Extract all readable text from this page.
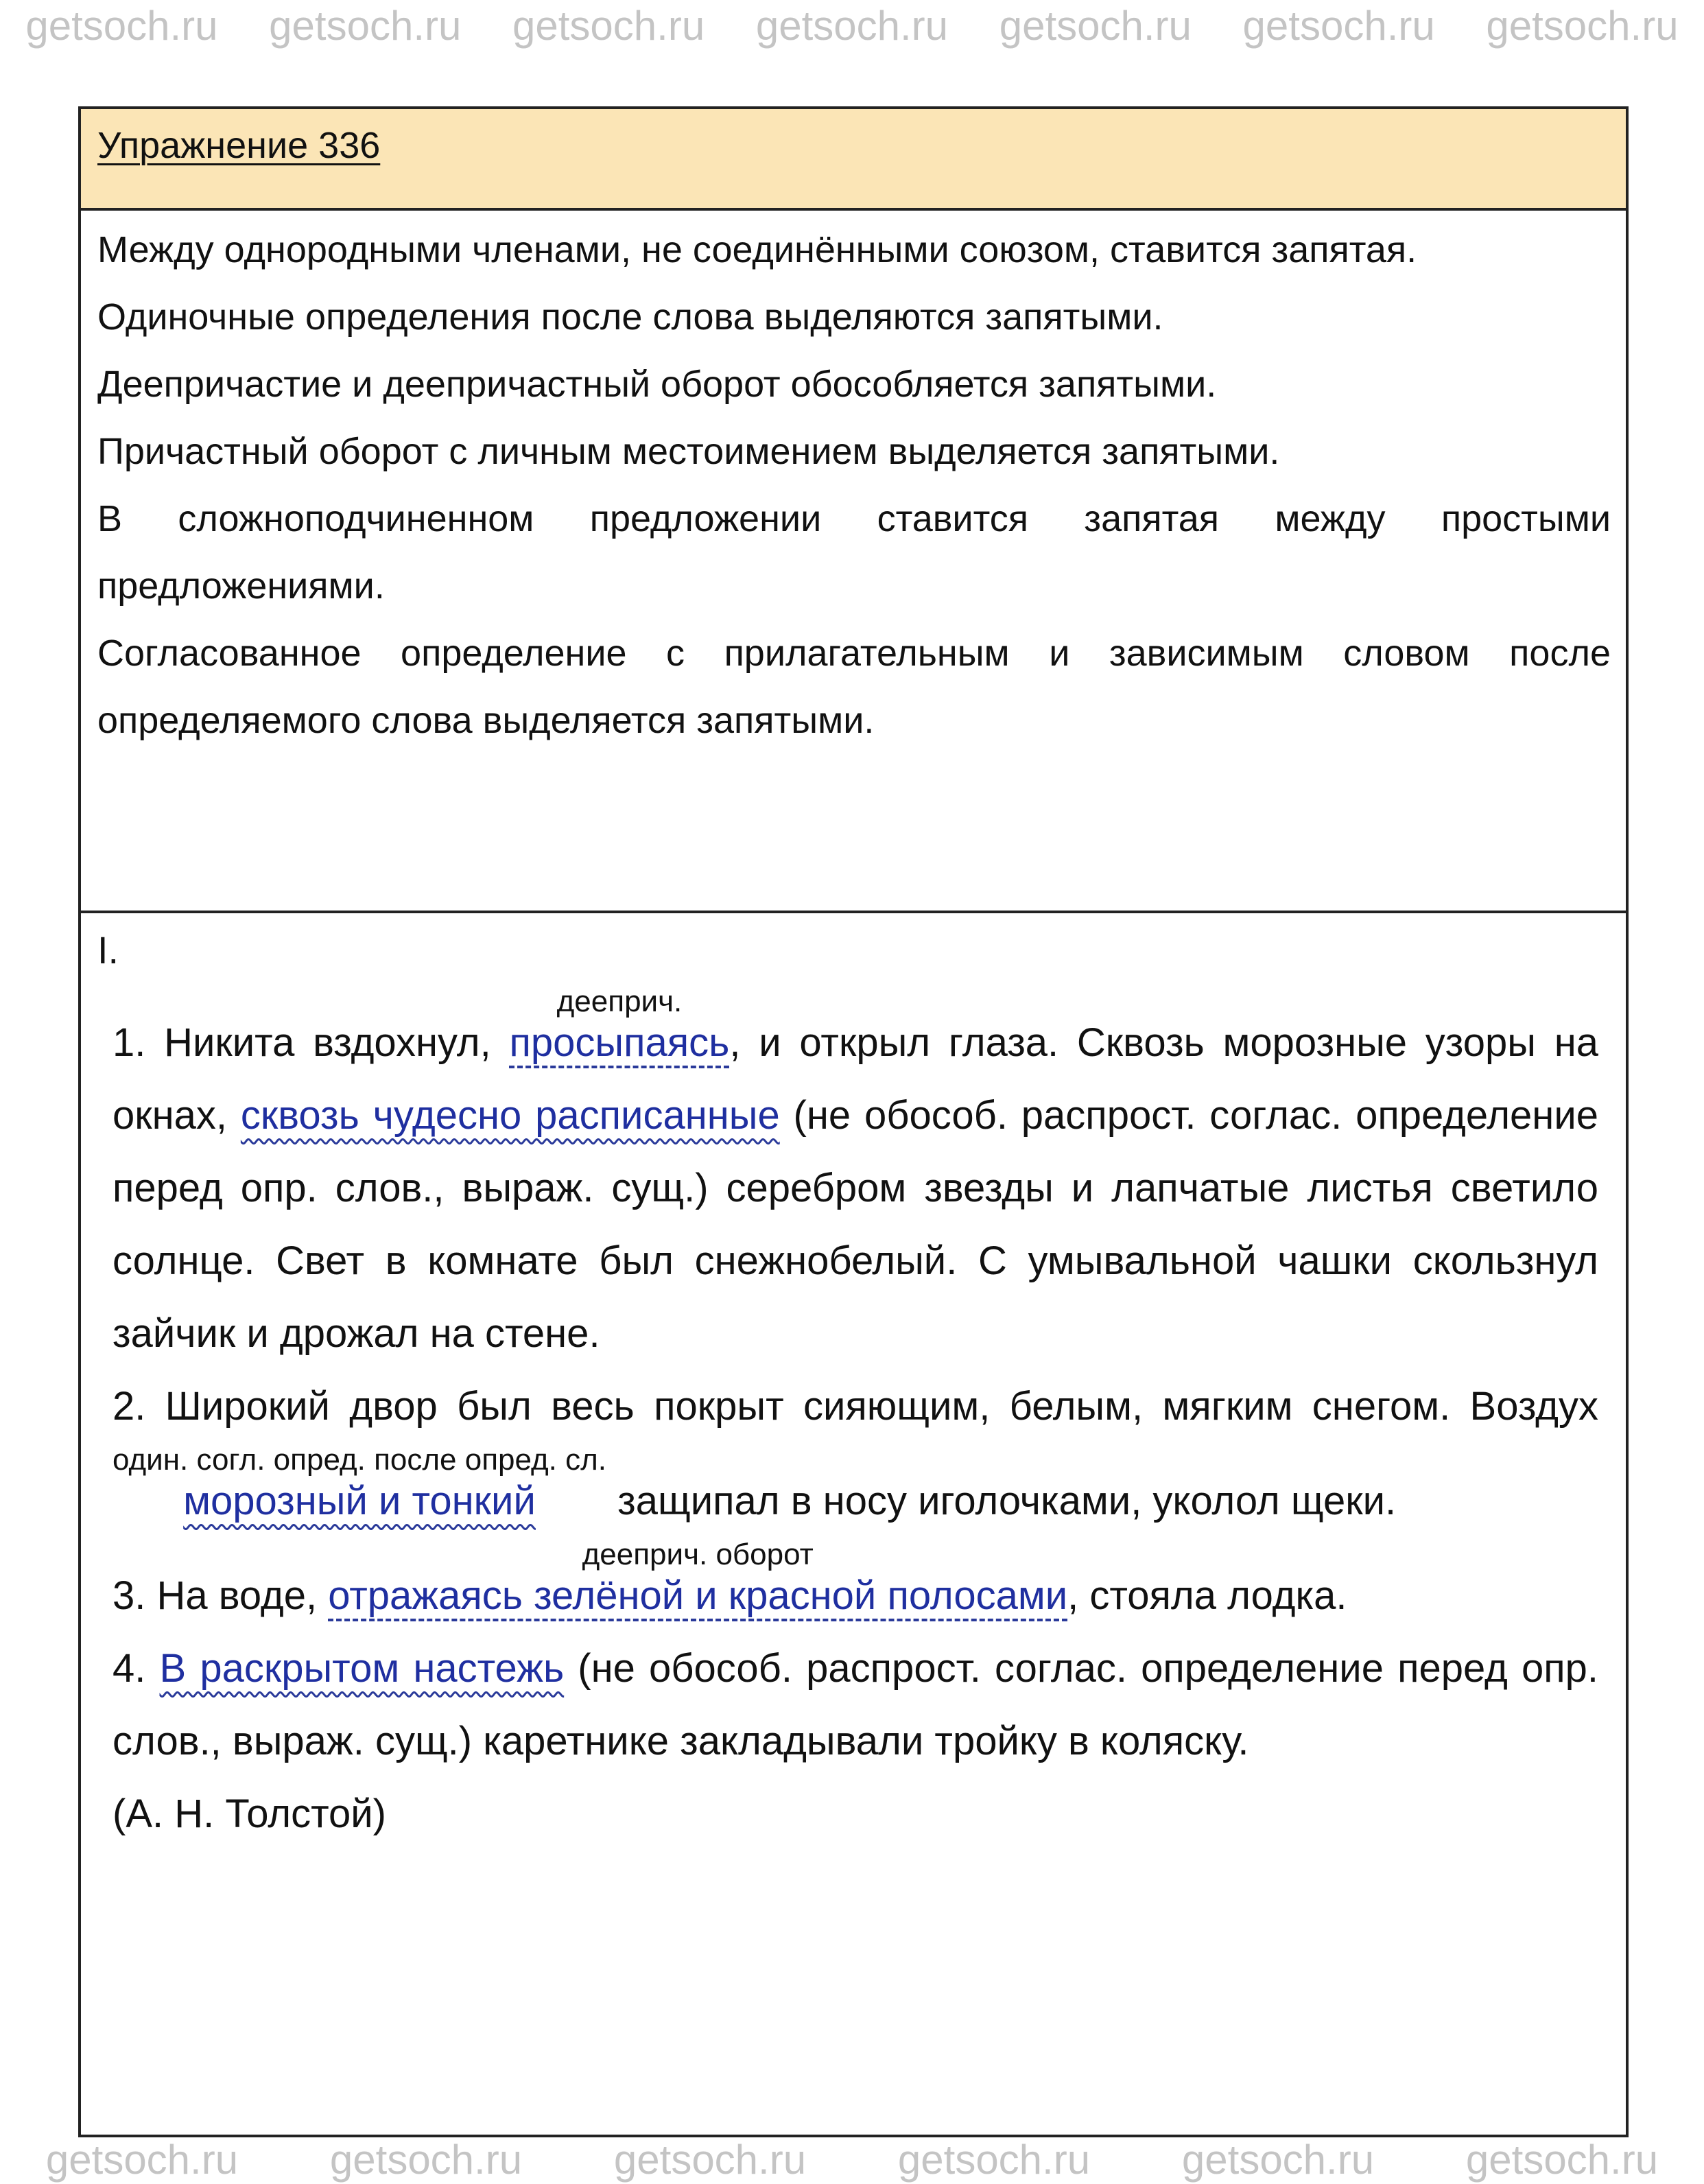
getsoch.ru getsoch.ru getsoch.ru getsoch.ru getsoch.ru getsoch.ru getsoch.ru
Упражнение 336

Между однородными членами, не соединёнными союзом, ставится запятая.

Одиночные определения после слова выделяются запятыми.

Деепричастие и деепричастный оборот обособляется запятыми.

Причастный оборот с личным местоимением выделяется запятыми.

В сложноподчиненном предложении ставится запятая между простыми предложениями.

Согласованное определение с прилагательным и зависимым словом после определяемого слова выделяется запятыми.

I.

1. Никита вздохнул,
дееприч.
просыпаясь , и открыл глаза. Сквозь морозные узоры на окнах, сквозь чудесно расписанные (не обособ. распрост. соглас. определение перед опр. слов., выраж. сущ.) серебром звезды и лапчатые листья светило солнце. Свет в комнате был снежнобелый. С умывальной чашки скользнул зайчик и дрожал на стене.

2. Широкий двор был весь покрыт сияющим, белым, мягким снегом. Воздух
один. согл. опред. после опред. сл.
морозный и тонкий	защипал в носу иголочками, уколол щеки.

3. На воде,
дееприч. оборот
отражаясь зелёной и красной полосами , стояла лодка.

4. В раскрытом настежь (не обособ. распрост. соглас. определение перед опр. слов., выраж. сущ.) каретнике закладывали тройку в коляску.

(А. Н. Толстой)

getsoch.ru getsoch.ru getsoch.ru getsoch.ru getsoch.ru getsoch.ru
